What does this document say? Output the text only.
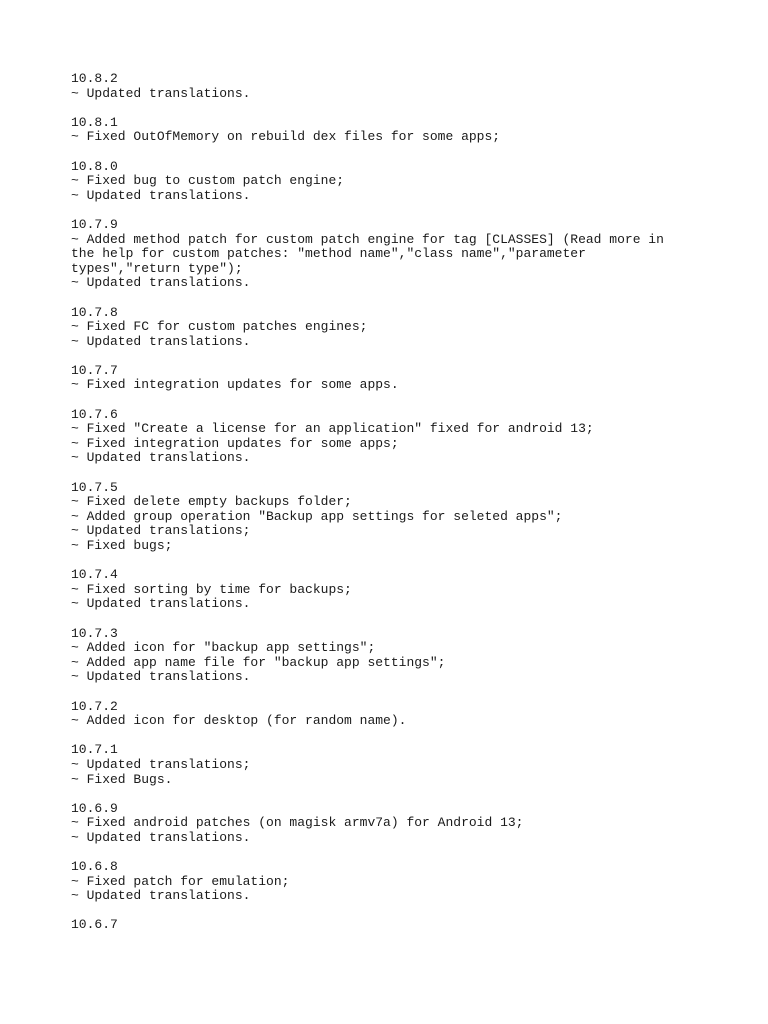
10.8.2
~ Updated translations.
10.8.1
~ Fixed OutOfMemory on rebuild dex files for some apps;
10.8.0
~ Fixed bug to custom patch engine;
~ Updated translations.
10.7.9
~ Added method patch for custom patch engine for tag [CLASSES] (Read more in the help for custom patches: "method name","class name","parameter types","return type");
~ Updated translations.
10.7.8
~ Fixed FC for custom patches engines;
~ Updated translations.
10.7.7
~ Fixed integration updates for some apps.
10.7.6
~ Fixed "Create a license for an application" fixed for android 13;
~ Fixed integration updates for some apps;
~ Updated translations.
10.7.5
~ Fixed delete empty backups folder;
~ Added group operation "Backup app settings for seleted apps";
~ Updated translations;
~ Fixed bugs;
10.7.4
~ Fixed sorting by time for backups;
~ Updated translations.
10.7.3
~ Added icon for "backup app settings";
~ Added app name file for "backup app settings";
~ Updated translations.
10.7.2
~ Added icon for desktop (for random name).
10.7.1
~ Updated translations;
~ Fixed Bugs.
10.6.9
~ Fixed android patches (on magisk armv7a) for Android 13;
~ Updated translations.
10.6.8
~ Fixed patch for emulation;
~ Updated translations.
10.6.7
